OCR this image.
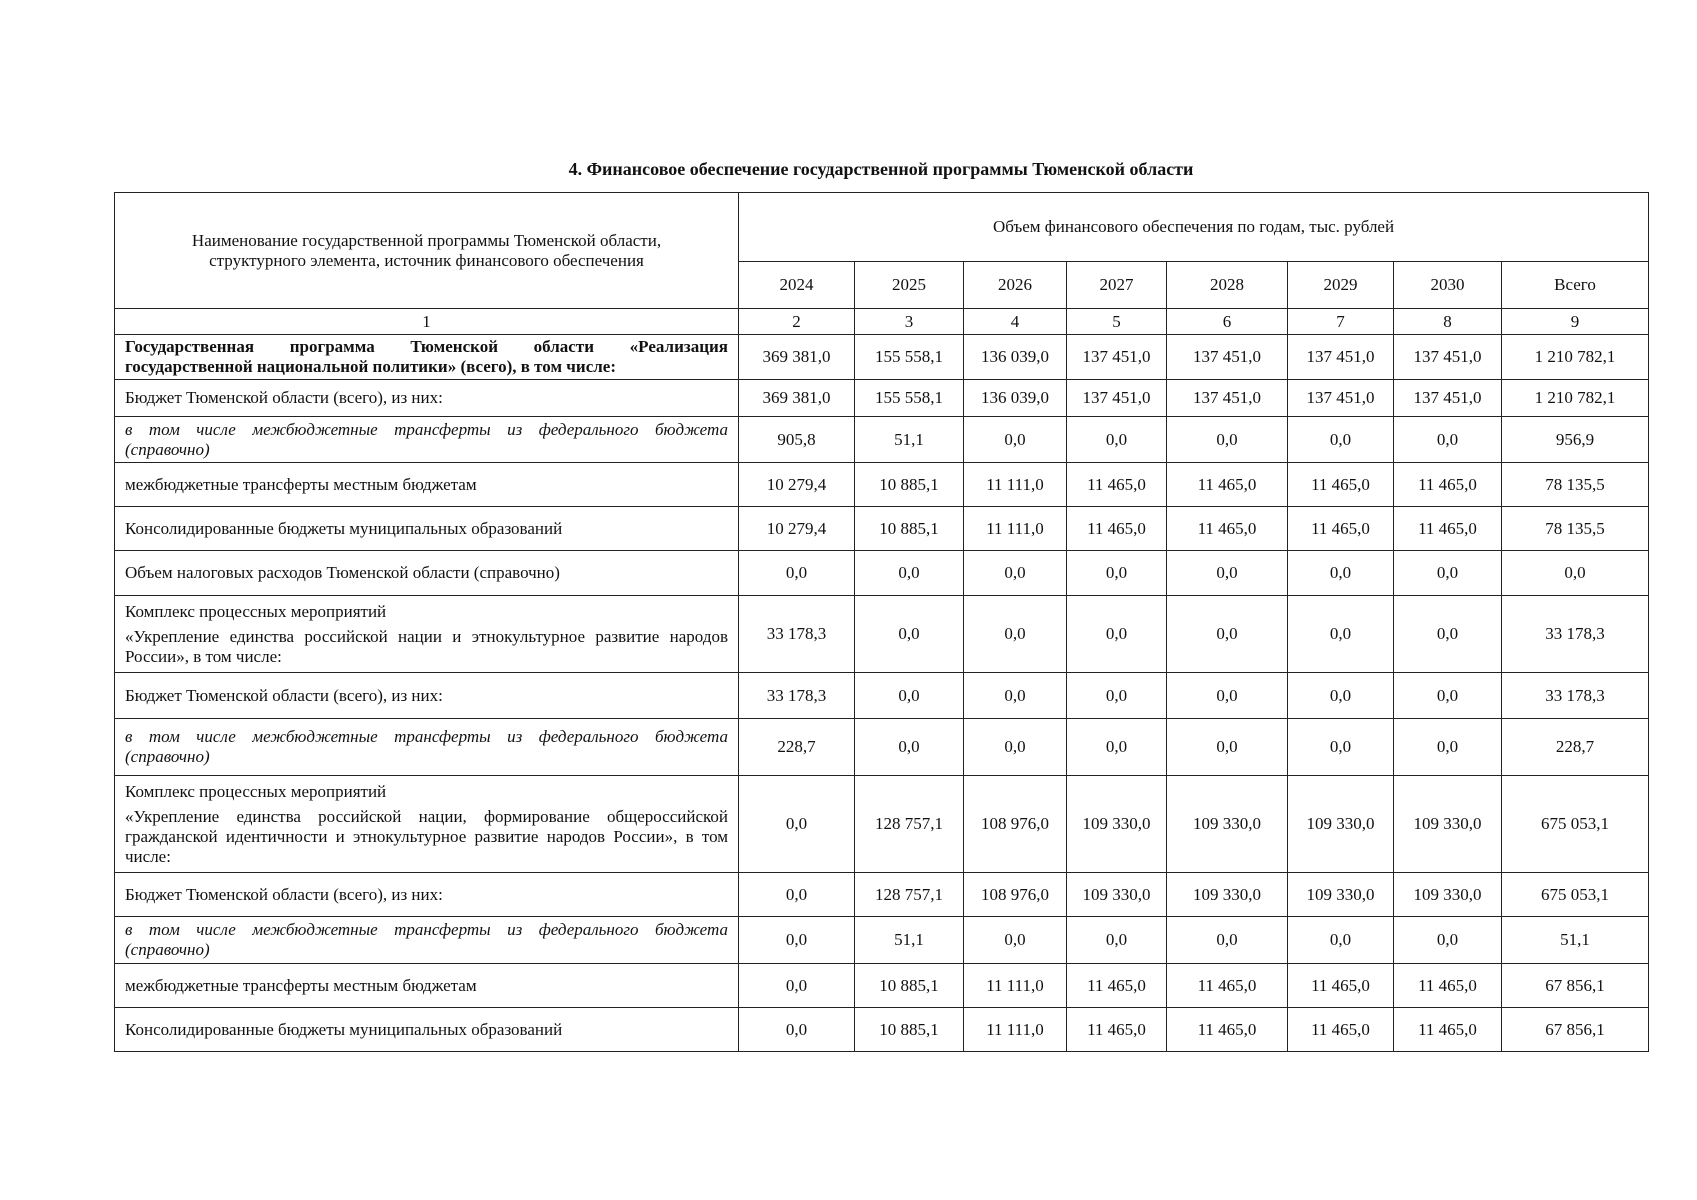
4. Финансовое обеспечение государственной программы Тюменской области
Наименование государственной программы Тюменской области, структурного элемента, источник финансового обеспечения	Объем финансового обеспечения по годам, тыс. рублей							
	2024	2025	2026	2027	2028	2029	2030	Всего
1	2	3	4	5	6	7	8	9
Государственная программа Тюменской области «Реализация государственной национальной политики» (всего), в том числе:	369 381,0	155 558,1	136 039,0	137 451,0	137 451,0	137 451,0	137 451,0	1 210 782,1
Бюджет Тюменской области (всего), из них:	369 381,0	155 558,1	136 039,0	137 451,0	137 451,0	137 451,0	137 451,0	1 210 782,1
в том числе межбюджетные трансферты из федерального бюджета (справочно)	905,8	51,1	0,0	0,0	0,0	0,0	0,0	956,9
межбюджетные трансферты местным бюджетам	10 279,4	10 885,1	11 111,0	11 465,0	11 465,0	11 465,0	11 465,0	78 135,5
Консолидированные бюджеты муниципальных образований	10 279,4	10 885,1	11 111,0	11 465,0	11 465,0	11 465,0	11 465,0	78 135,5
Объем налоговых расходов Тюменской области (справочно)	0,0	0,0	0,0	0,0	0,0	0,0	0,0	0,0
Комплекс процессных мероприятий
«Укрепление единства российской нации и этнокультурное развитие народов России», в том числе:	33 178,3	0,0	0,0	0,0	0,0	0,0	0,0	33 178,3
Бюджет Тюменской области (всего), из них:	33 178,3	0,0	0,0	0,0	0,0	0,0	0,0	33 178,3
в том числе межбюджетные трансферты из федерального бюджета (справочно)	228,7	0,0	0,0	0,0	0,0	0,0	0,0	228,7
Комплекс процессных мероприятий
«Укрепление единства российской нации, формирование общероссийской гражданской идентичности и этнокультурное развитие народов России», в том числе:	0,0	128 757,1	108 976,0	109 330,0	109 330,0	109 330,0	109 330,0	675 053,1
Бюджет Тюменской области (всего), из них:	0,0	128 757,1	108 976,0	109 330,0	109 330,0	109 330,0	109 330,0	675 053,1
в том числе межбюджетные трансферты из федерального бюджета (справочно)	0,0	51,1	0,0	0,0	0,0	0,0	0,0	51,1
межбюджетные трансферты местным бюджетам	0,0	10 885,1	11 111,0	11 465,0	11 465,0	11 465,0	11 465,0	67 856,1
Консолидированные бюджеты муниципальных образований	0,0	10 885,1	11 111,0	11 465,0	11 465,0	11 465,0	11 465,0	67 856,1
